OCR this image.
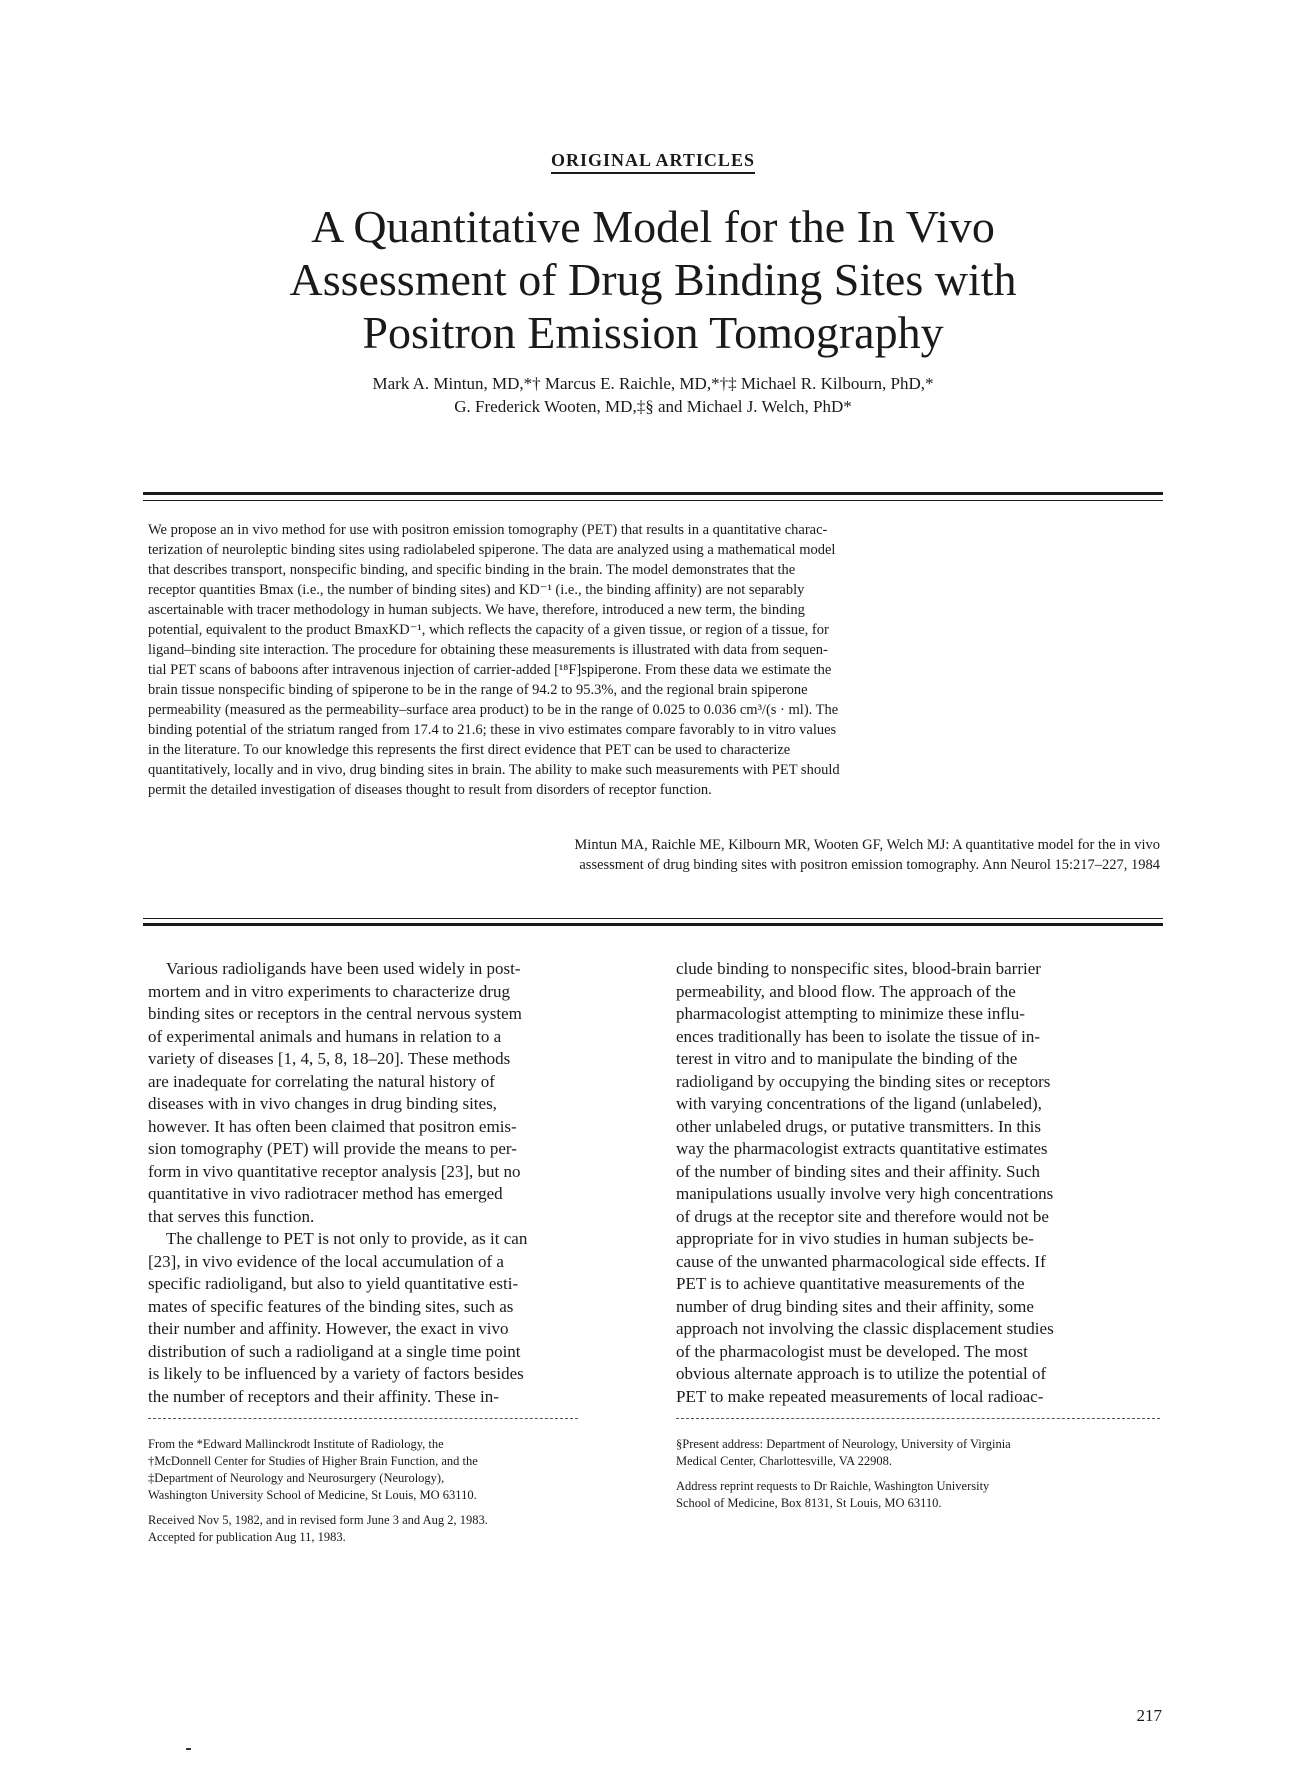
ORIGINAL ARTICLES
A Quantitative Model for the In Vivo
Assessment of Drug Binding Sites with
Positron Emission Tomography
Mark A. Mintun, MD,*† Marcus E. Raichle, MD,*†‡ Michael R. Kilbourn, PhD,*
G. Frederick Wooten, MD,‡§ and Michael J. Welch, PhD*
We propose an in vivo method for use with positron emission tomography (PET) that results in a quantitative charac-
terization of neuroleptic binding sites using radiolabeled spiperone. The data are analyzed using a mathematical model
that describes transport, nonspecific binding, and specific binding in the brain. The model demonstrates that the
receptor quantities Bmax (i.e., the number of binding sites) and KD⁻¹ (i.e., the binding affinity) are not separably
ascertainable with tracer methodology in human subjects. We have, therefore, introduced a new term, the binding
potential, equivalent to the product BmaxKD⁻¹, which reflects the capacity of a given tissue, or region of a tissue, for
ligand–binding site interaction. The procedure for obtaining these measurements is illustrated with data from sequen-
tial PET scans of baboons after intravenous injection of carrier-added [¹⁸F]spiperone. From these data we estimate the
brain tissue nonspecific binding of spiperone to be in the range of 94.2 to 95.3%, and the regional brain spiperone
permeability (measured as the permeability–surface area product) to be in the range of 0.025 to 0.036 cm³/(s · ml). The
binding potential of the striatum ranged from 17.4 to 21.6; these in vivo estimates compare favorably to in vitro values
in the literature. To our knowledge this represents the first direct evidence that PET can be used to characterize
quantitatively, locally and in vivo, drug binding sites in brain. The ability to make such measurements with PET should
permit the detailed investigation of diseases thought to result from disorders of receptor function.
Mintun MA, Raichle ME, Kilbourn MR, Wooten GF, Welch MJ: A quantitative model for the in vivo
assessment of drug binding sites with positron emission tomography. Ann Neurol 15:217–227, 1984
Various radioligands have been used widely in post-
mortem and in vitro experiments to characterize drug
binding sites or receptors in the central nervous system
of experimental animals and humans in relation to a
variety of diseases [1, 4, 5, 8, 18–20]. These methods
are inadequate for correlating the natural history of
diseases with in vivo changes in drug binding sites,
however. It has often been claimed that positron emis-
sion tomography (PET) will provide the means to per-
form in vivo quantitative receptor analysis [23], but no
quantitative in vivo radiotracer method has emerged
that serves this function.
The challenge to PET is not only to provide, as it can
[23], in vivo evidence of the local accumulation of a
specific radioligand, but also to yield quantitative esti-
mates of specific features of the binding sites, such as
their number and affinity. However, the exact in vivo
distribution of such a radioligand at a single time point
is likely to be influenced by a variety of factors besides
the number of receptors and their affinity. These in-
clude binding to nonspecific sites, blood-brain barrier
permeability, and blood flow. The approach of the
pharmacologist attempting to minimize these influ-
ences traditionally has been to isolate the tissue of in-
terest in vitro and to manipulate the binding of the
radioligand by occupying the binding sites or receptors
with varying concentrations of the ligand (unlabeled),
other unlabeled drugs, or putative transmitters. In this
way the pharmacologist extracts quantitative estimates
of the number of binding sites and their affinity. Such
manipulations usually involve very high concentrations
of drugs at the receptor site and therefore would not be
appropriate for in vivo studies in human subjects be-
cause of the unwanted pharmacological side effects. If
PET is to achieve quantitative measurements of the
number of drug binding sites and their affinity, some
approach not involving the classic displacement studies
of the pharmacologist must be developed. The most
obvious alternate approach is to utilize the potential of
PET to make repeated measurements of local radioac-
From the *Edward Mallinckrodt Institute of Radiology, the
†McDonnell Center for Studies of Higher Brain Function, and the
‡Department of Neurology and Neurosurgery (Neurology),
Washington University School of Medicine, St Louis, MO 63110.
Received Nov 5, 1982, and in revised form June 3 and Aug 2, 1983.
Accepted for publication Aug 11, 1983.
§Present address: Department of Neurology, University of Virginia
Medical Center, Charlottesville, VA 22908.
Address reprint requests to Dr Raichle, Washington University
School of Medicine, Box 8131, St Louis, MO 63110.
217
